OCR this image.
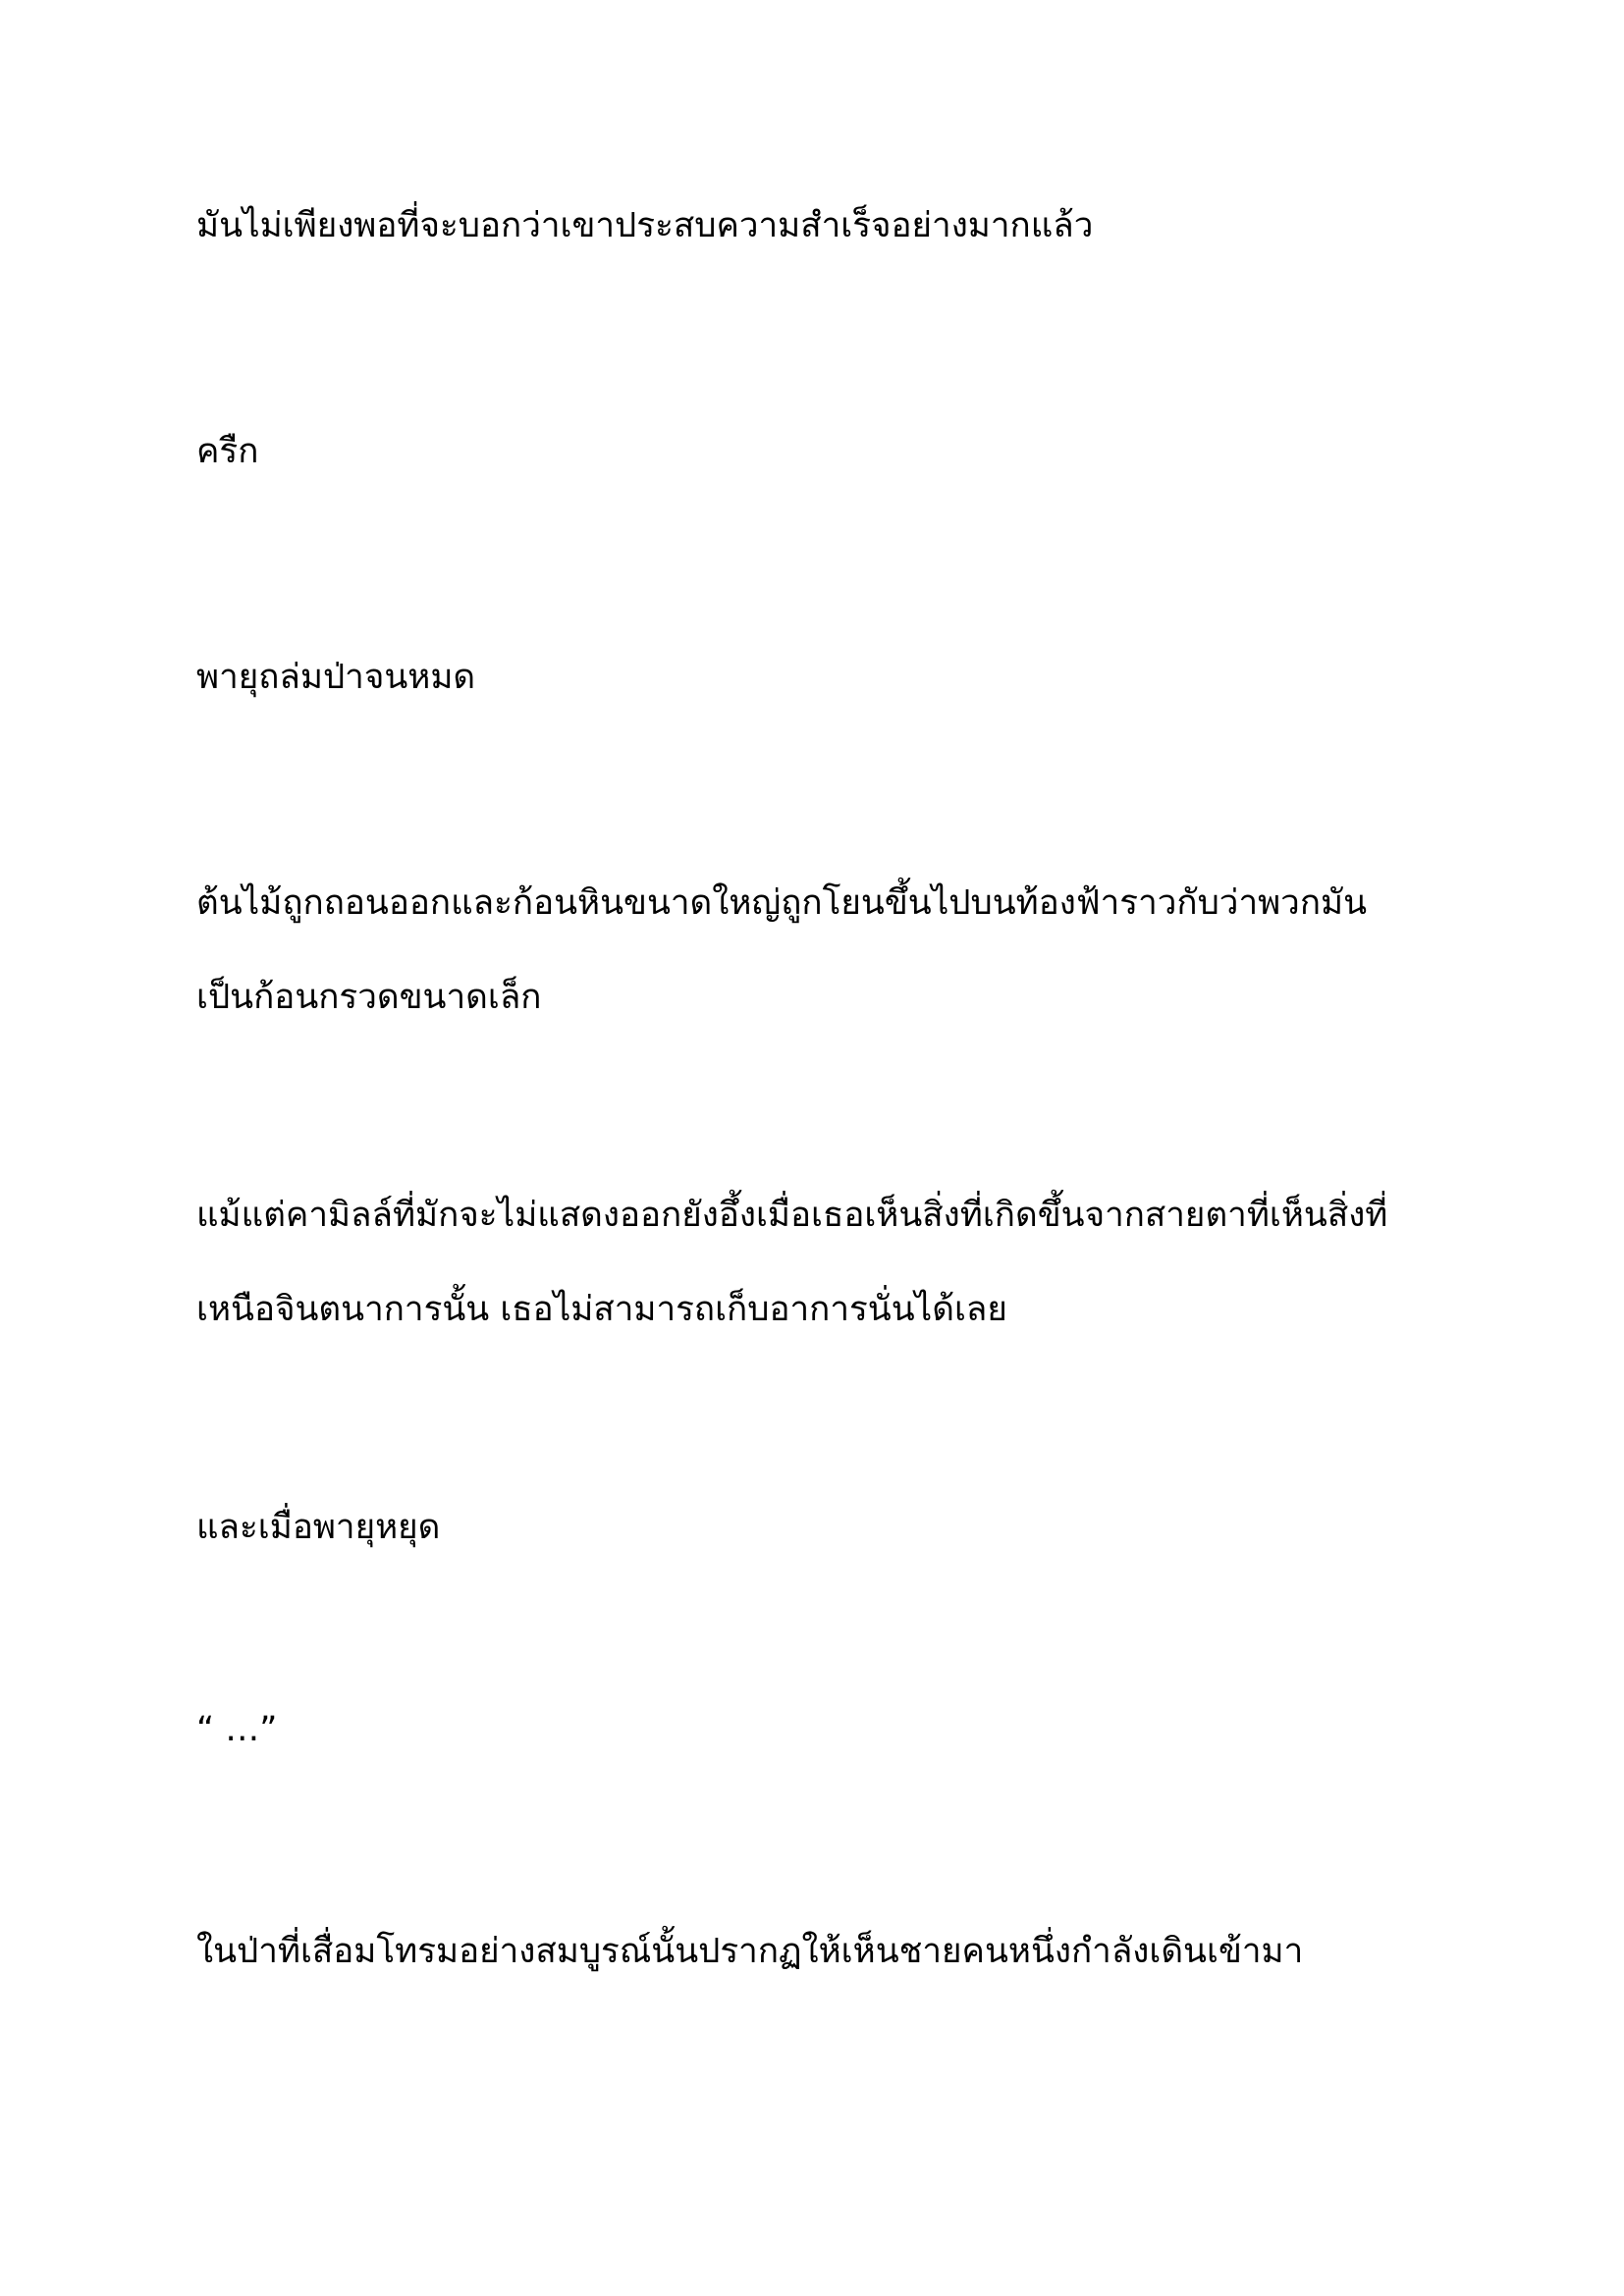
มันไม่เพียงพอที่จะบอกว่าเขาประสบความสำเร็จอย่างมากแล้ว

ครืก

พายุถล่มป่าจนหมด

ต้นไม้ถูกถอนออกและก้อนหินขนาดใหญ่ถูกโยนขึ้นไปบนท้องฟ้าราวกับว่าพวกมัน
เป็นก้อนกรวดขนาดเล็ก

แม้แต่คามิลล์ที่มักจะไม่แสดงออกยังอึ้งเมื่อเธอเห็นสิ่งที่เกิดขึ้นจากสายตาที่เห็นสิ่งที่
เหนือจินตนาการนั้น เธอไม่สามารถเก็บอาการนั่นได้เลย

และเมื่อพายุหยุด

“ …”

ในป่าที่เสื่อมโทรมอย่างสมบูรณ์นั้นปรากฏให้เห็นชายคนหนึ่งกำลังเดินเข้ามา
